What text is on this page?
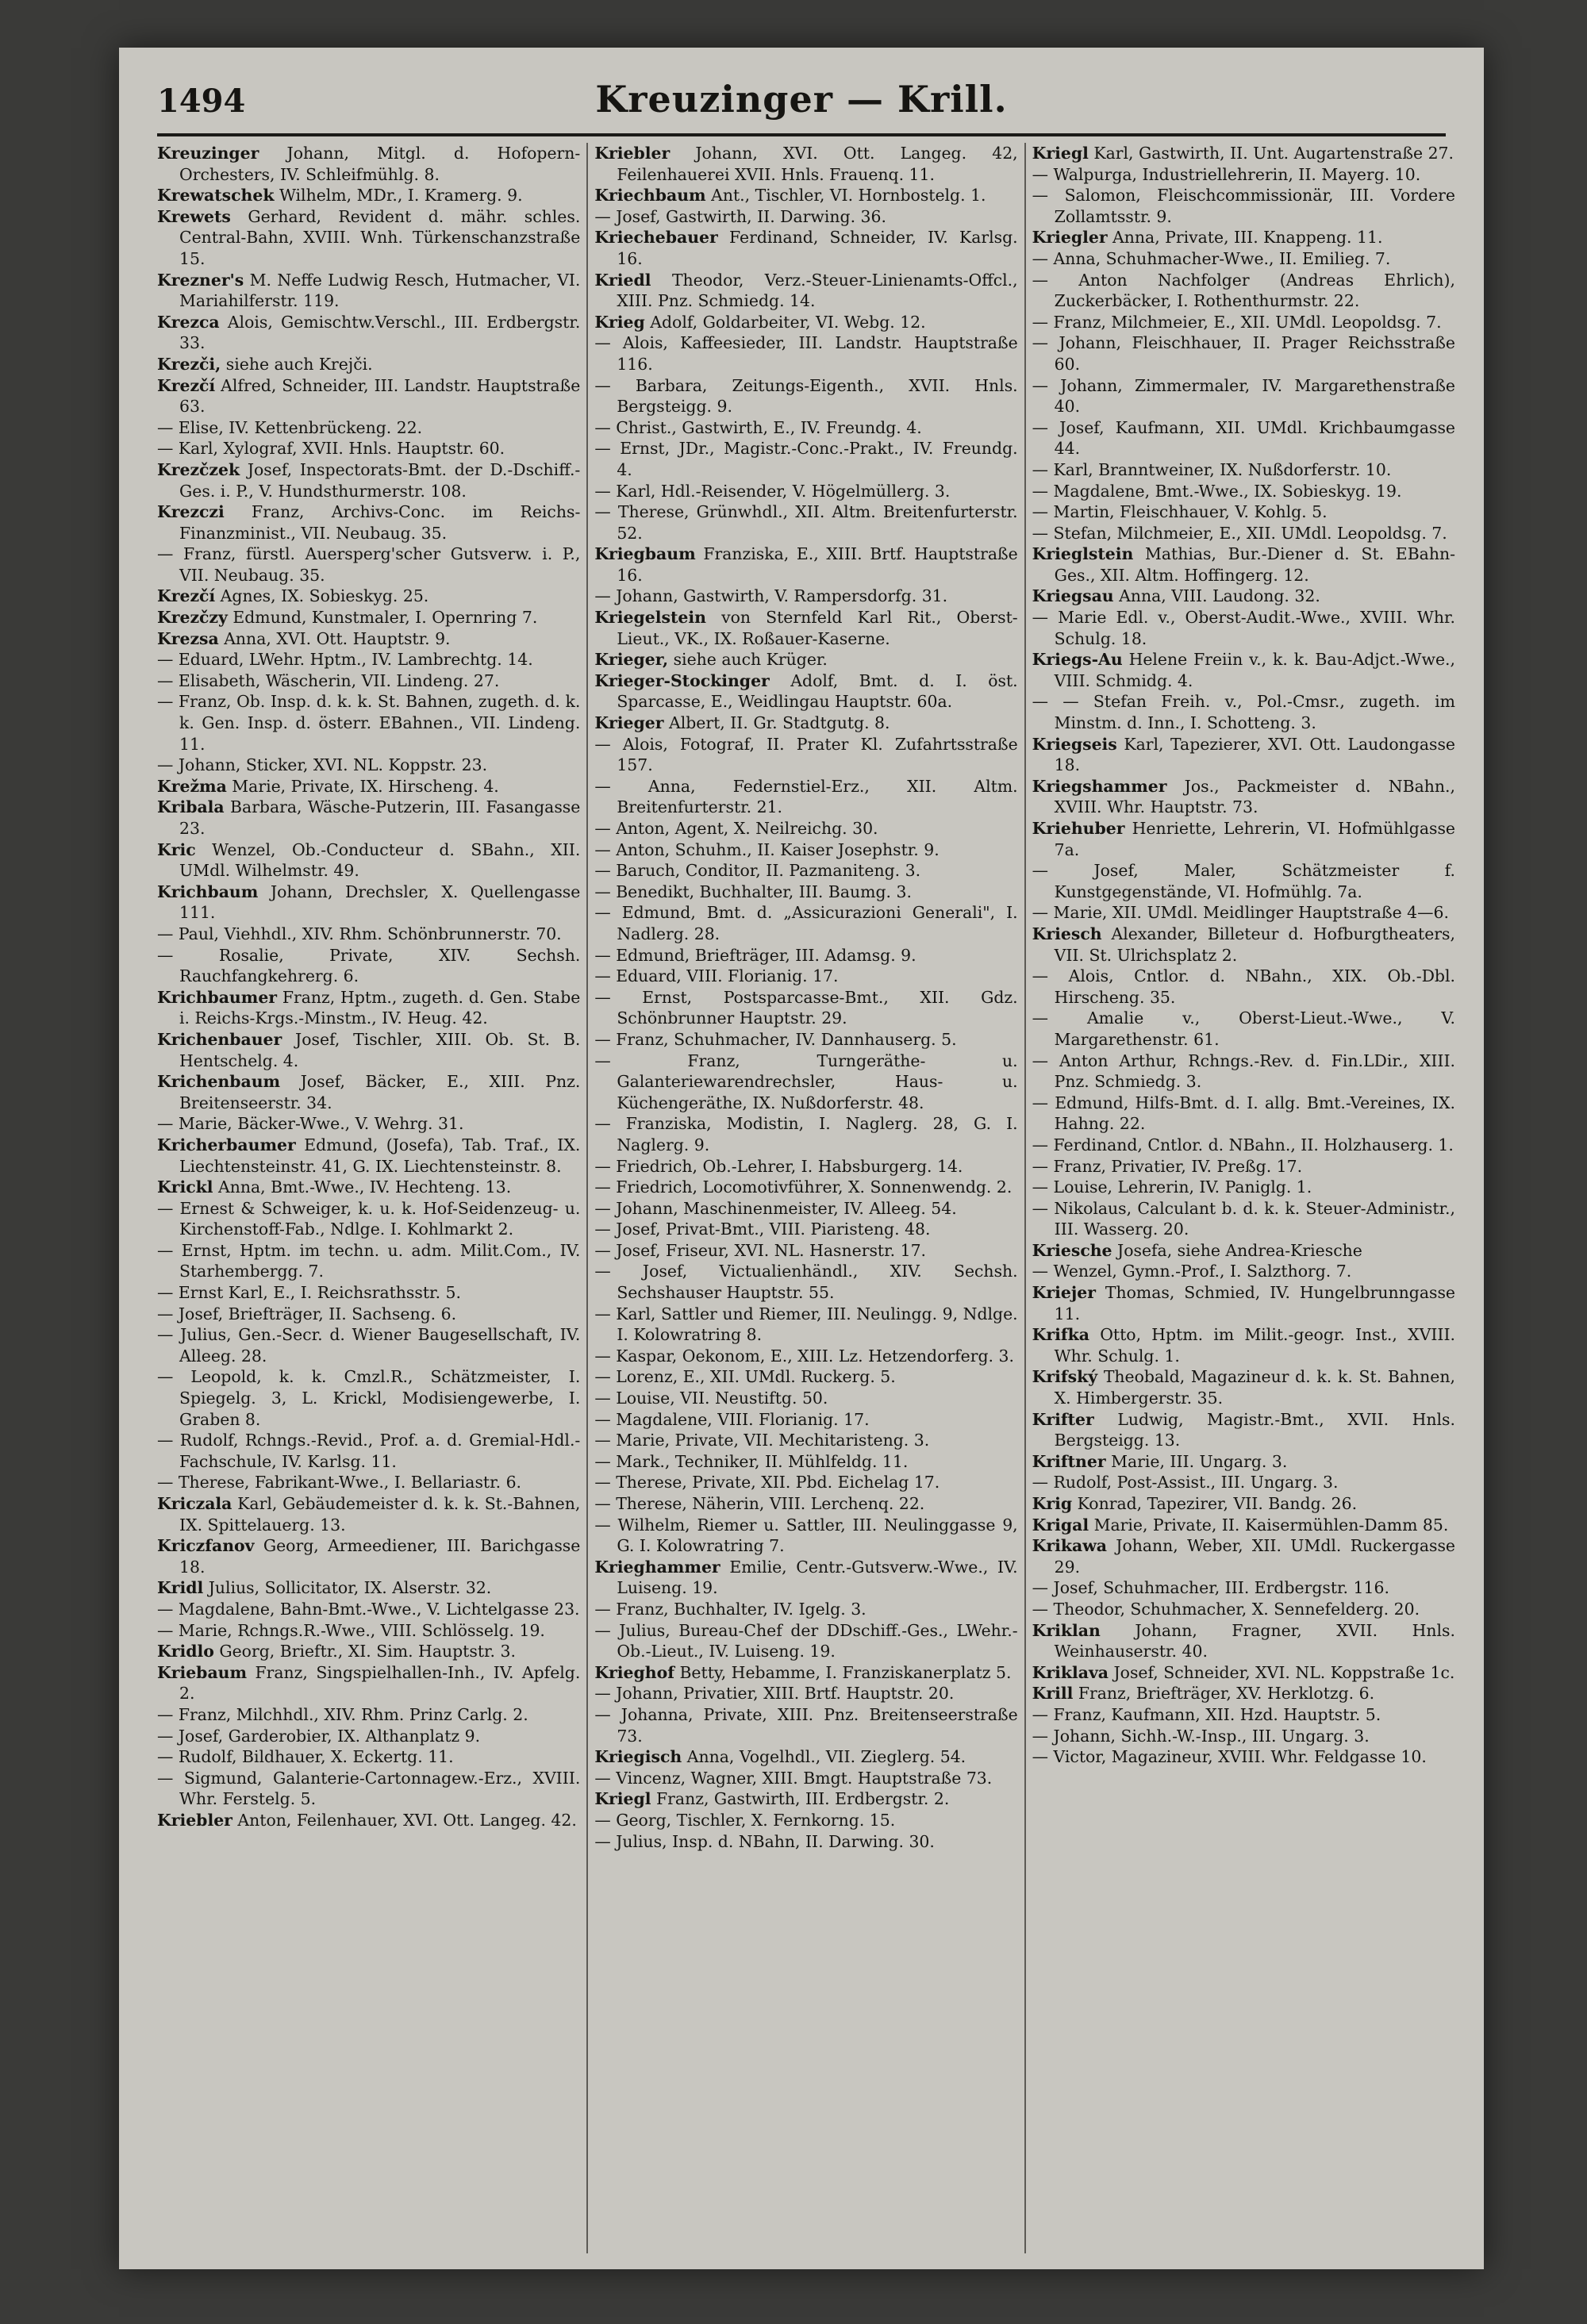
1494	Kreuzinger — Krill.
Kreuzinger Johann, Mitgl. d. Hofopern-Orchesters, IV. Schleifmühlg. 8.
Krewatschek Wilhelm, MDr., I. Kramerg. 9.
Krewets Gerhard, Revident d. mähr. schles. Central-Bahn, XVIII. Wnh. Türkenschanzstraße 15.
Krezner's M. Neffe Ludwig Resch, Hutmacher, VI. Mariahilferstr. 119.
Krezca Alois, Gemischtw.Verschl., III. Erdbergstr. 33.
Krezči, siehe auch Krejči.
Krezčí Alfred, Schneider, III. Landstr. Hauptstraße 63.
— Elise, IV. Kettenbrückeng. 22.
— Karl, Xylograf, XVII. Hnls. Hauptstr. 60.
Krezčzek Josef, Inspectorats-Bmt. der D.-Dschiff.-Ges. i. P., V. Hundsthurmerstr. 108.
Krezczi Franz, Archivs-Conc. im Reichs-Finanzminist., VII. Neubaug. 35.
— Franz, fürstl. Auersperg'scher Gutsverw. i. P., VII. Neubaug. 35.
Krezčí Agnes, IX. Sobieskyg. 25.
Krezčzy Edmund, Kunstmaler, I. Opernring 7.
Krezsa Anna, XVI. Ott. Hauptstr. 9.
— Eduard, LWehr. Hptm., IV. Lambrechtg. 14.
— Elisabeth, Wäscherin, VII. Lindeng. 27.
— Franz, Ob. Insp. d. k. k. St. Bahnen, zugeth. d. k. k. Gen. Insp. d. österr. EBahnen., VII. Lindeng. 11.
— Johann, Sticker, XVI. NL. Koppstr. 23.
Krežma Marie, Private, IX. Hirscheng. 4.
Kribala Barbara, Wäsche-Putzerin, III. Fasangasse 23.
Kric Wenzel, Ob.-Conducteur d. SBahn., XII. UMdl. Wilhelmstr. 49.
Krichbaum Johann, Drechsler, X. Quellengasse 111.
— Paul, Viehhdl., XIV. Rhm. Schönbrunnerstr. 70.
— Rosalie, Private, XIV. Sechsh. Rauchfangkehrerg. 6.
Krichbaumer Franz, Hptm., zugeth. d. Gen. Stabe i. Reichs-Krgs.-Minstm., IV. Heug. 42.
Krichenbauer Josef, Tischler, XIII. Ob. St. B. Hentschelg. 4.
Krichenbaum Josef, Bäcker, E., XIII. Pnz. Breitenseerstr. 34.
— Marie, Bäcker-Wwe., V. Wehrg. 31.
Kricherbaumer Edmund, (Josefa), Tab. Traf., IX. Liechtensteinstr. 41, G. IX. Liechtensteinstr. 8.
Krickl Anna, Bmt.-Wwe., IV. Hechteng. 13.
— Ernest & Schweiger, k. u. k. Hof-Seidenzeug- u. Kirchenstoff-Fab., Ndlge. I. Kohlmarkt 2.
— Ernst, Hptm. im techn. u. adm. Milit.Com., IV. Starhembergg. 7.
— Ernst Karl, E., I. Reichsrathsstr. 5.
— Josef, Briefträger, II. Sachseng. 6.
— Julius, Gen.-Secr. d. Wiener Baugesellschaft, IV. Alleeg. 28.
— Leopold, k. k. Cmzl.R., Schätzmeister, I. Spiegelg. 3, L. Krickl, Modisiengewerbe, I. Graben 8.
— Rudolf, Rchngs.-Revid., Prof. a. d. Gremial-Hdl.-Fachschule, IV. Karlsg. 11.
— Therese, Fabrikant-Wwe., I. Bellariastr. 6.
Kriczala Karl, Gebäudemeister d. k. k. St.-Bahnen, IX. Spittelauerg. 13.
Kriczfanov Georg, Armeediener, III. Barichgasse 18.
Kridl Julius, Sollicitator, IX. Alserstr. 32.
— Magdalene, Bahn-Bmt.-Wwe., V. Lichtelgasse 23.
— Marie, Rchngs.R.-Wwe., VIII. Schlösselg. 19.
Kridlo Georg, Brieftr., XI. Sim. Hauptstr. 3.
Kriebaum Franz, Singspielhallen-Inh., IV. Apfelg. 2.
— Franz, Milchhdl., XIV. Rhm. Prinz Carlg. 2.
— Josef, Garderobier, IX. Althanplatz 9.
— Rudolf, Bildhauer, X. Eckertg. 11.
— Sigmund, Galanterie-Cartonnagew.-Erz., XVIII. Whr. Ferstelg. 5.
Kriebler Anton, Feilenhauer, XVI. Ott. Langeg. 42.
Kriebler Johann, XVI. Ott. Langeg. 42, Feilenhauerei XVII. Hnls. Frauenq. 11.
Kriechbaum Ant., Tischler, VI. Hornbostelg. 1.
— Josef, Gastwirth, II. Darwing. 36.
Kriechebauer Ferdinand, Schneider, IV. Karlsg. 16.
Kriedl Theodor, Verz.-Steuer-Linienamts-Offcl., XIII. Pnz. Schmiedg. 14.
Krieg Adolf, Goldarbeiter, VI. Webg. 12.
— Alois, Kaffeesieder, III. Landstr. Hauptstraße 116.
— Barbara, Zeitungs-Eigenth., XVII. Hnls. Bergsteigg. 9.
— Christ., Gastwirth, E., IV. Freundg. 4.
— Ernst, JDr., Magistr.-Conc.-Prakt., IV. Freundg. 4.
— Karl, Hdl.-Reisender, V. Högelmüllerg. 3.
— Therese, Grünwhdl., XII. Altm. Breitenfurterstr. 52.
Kriegbaum Franziska, E., XIII. Brtf. Hauptstraße 16.
— Johann, Gastwirth, V. Rampersdorfg. 31.
Kriegelstein von Sternfeld Karl Rit., Oberst-Lieut., VK., IX. Roßauer-Kaserne.
Krieger, siehe auch Krüger.
Krieger-Stockinger Adolf, Bmt. d. I. öst. Sparcasse, E., Weidlingau Hauptstr. 60a.
Krieger Albert, II. Gr. Stadtgutg. 8.
— Alois, Fotograf, II. Prater Kl. Zufahrtsstraße 157.
— Anna, Federnstiel-Erz., XII. Altm. Breitenfurterstr. 21.
— Anton, Agent, X. Neilreichg. 30.
— Anton, Schuhm., II. Kaiser Josephstr. 9.
— Baruch, Conditor, II. Pazmaniteng. 3.
— Benedikt, Buchhalter, III. Baumg. 3.
— Edmund, Bmt. d. „Assicurazioni Generali", I. Nadlerg. 28.
— Edmund, Briefträger, III. Adamsg. 9.
— Eduard, VIII. Florianig. 17.
— Ernst, Postsparcasse-Bmt., XII. Gdz. Schönbrunner Hauptstr. 29.
— Franz, Schuhmacher, IV. Dannhauserg. 5.
— Franz, Turngeräthe- u. Galanteriewarendrechsler, Haus- u. Küchengeräthe, IX. Nußdorferstr. 48.
— Franziska, Modistin, I. Naglerg. 28, G. I. Naglerg. 9.
— Friedrich, Ob.-Lehrer, I. Habsburgerg. 14.
— Friedrich, Locomotivführer, X. Sonnenwendg. 2.
— Johann, Maschinenmeister, IV. Alleeg. 54.
— Josef, Privat-Bmt., VIII. Piaristeng. 48.
— Josef, Friseur, XVI. NL. Hasnerstr. 17.
— Josef, Victualienhändl., XIV. Sechsh. Sechshauser Hauptstr. 55.
— Karl, Sattler und Riemer, III. Neulingg. 9, Ndlge. I. Kolowratring 8.
— Kaspar, Oekonom, E., XIII. Lz. Hetzendorferg. 3.
— Lorenz, E., XII. UMdl. Ruckerg. 5.
— Louise, VII. Neustiftg. 50.
— Magdalene, VIII. Florianig. 17.
— Marie, Private, VII. Mechitaristeng. 3.
— Mark., Techniker, II. Mühlfeldg. 11.
— Therese, Private, XII. Pbd. Eichelag 17.
— Therese, Näherin, VIII. Lerchenq. 22.
— Wilhelm, Riemer u. Sattler, III. Neulinggasse 9, G. I. Kolowratring 7.
Krieghammer Emilie, Centr.-Gutsverw.-Wwe., IV. Luiseng. 19.
— Franz, Buchhalter, IV. Igelg. 3.
— Julius, Bureau-Chef der DDschiff.-Ges., LWehr.-Ob.-Lieut., IV. Luiseng. 19.
Krieghof Betty, Hebamme, I. Franziskanerplatz 5.
— Johann, Privatier, XIII. Brtf. Hauptstr. 20.
— Johanna, Private, XIII. Pnz. Breitenseerstraße 73.
Kriegisch Anna, Vogelhdl., VII. Zieglerg. 54.
— Vincenz, Wagner, XIII. Bmgt. Hauptstraße 73.
Kriegl Franz, Gastwirth, III. Erdbergstr. 2.
— Georg, Tischler, X. Fernkorng. 15.
— Julius, Insp. d. NBahn, II. Darwing. 30.
Kriegl Karl, Gastwirth, II. Unt. Augartenstraße 27.
— Walpurga, Industriellehrerin, II. Mayerg. 10.
— Salomon, Fleischcommissionär, III. Vordere Zollamtsstr. 9.
Kriegler Anna, Private, III. Knappeng. 11.
— Anna, Schuhmacher-Wwe., II. Emilieg. 7.
— Anton Nachfolger (Andreas Ehrlich), Zuckerbäcker, I. Rothenthurmstr. 22.
— Franz, Milchmeier, E., XII. UMdl. Leopoldsg. 7.
— Johann, Fleischhauer, II. Prager Reichsstraße 60.
— Johann, Zimmermaler, IV. Margarethenstraße 40.
— Josef, Kaufmann, XII. UMdl. Krichbaumgasse 44.
— Karl, Branntweiner, IX. Nußdorferstr. 10.
— Magdalene, Bmt.-Wwe., IX. Sobieskyg. 19.
— Martin, Fleischhauer, V. Kohlg. 5.
— Stefan, Milchmeier, E., XII. UMdl. Leopoldsg. 7.
Krieglstein Mathias, Bur.-Diener d. St. EBahn-Ges., XII. Altm. Hoffingerg. 12.
Kriegsau Anna, VIII. Laudong. 32.
— Marie Edl. v., Oberst-Audit.-Wwe., XVIII. Whr. Schulg. 18.
Kriegs-Au Helene Freiin v., k. k. Bau-Adjct.-Wwe., VIII. Schmidg. 4.
— — Stefan Freih. v., Pol.-Cmsr., zugeth. im Minstm. d. Inn., I. Schotteng. 3.
Kriegseis Karl, Tapezierer, XVI. Ott. Laudongasse 18.
Kriegshammer Jos., Packmeister d. NBahn., XVIII. Whr. Hauptstr. 73.
Kriehuber Henriette, Lehrerin, VI. Hofmühlgasse 7a.
— Josef, Maler, Schätzmeister f. Kunstgegenstände, VI. Hofmühlg. 7a.
— Marie, XII. UMdl. Meidlinger Hauptstraße 4—6.
Kriesch Alexander, Billeteur d. Hofburgtheaters, VII. St. Ulrichsplatz 2.
— Alois, Cntlor. d. NBahn., XIX. Ob.-Dbl. Hirscheng. 35.
— Amalie v., Oberst-Lieut.-Wwe., V. Margarethenstr. 61.
— Anton Arthur, Rchngs.-Rev. d. Fin.LDir., XIII. Pnz. Schmiedg. 3.
— Edmund, Hilfs-Bmt. d. I. allg. Bmt.-Vereines, IX. Hahng. 22.
— Ferdinand, Cntlor. d. NBahn., II. Holzhauserg. 1.
— Franz, Privatier, IV. Preßg. 17.
— Louise, Lehrerin, IV. Paniglg. 1.
— Nikolaus, Calculant b. d. k. k. Steuer-Administr., III. Wasserg. 20.
Kriesche Josefa, siehe Andrea-Kriesche
— Wenzel, Gymn.-Prof., I. Salzthorg. 7.
Kriejer Thomas, Schmied, IV. Hungelbrunngasse 11.
Krifka Otto, Hptm. im Milit.-geogr. Inst., XVIII. Whr. Schulg. 1.
Krifský Theobald, Magazineur d. k. k. St. Bahnen, X. Himbergerstr. 35.
Krifter Ludwig, Magistr.-Bmt., XVII. Hnls. Bergsteigg. 13.
Kriftner Marie, III. Ungarg. 3.
— Rudolf, Post-Assist., III. Ungarg. 3.
Krig Konrad, Tapezirer, VII. Bandg. 26.
Krigal Marie, Private, II. Kaisermühlen-Damm 85.
Krikawa Johann, Weber, XII. UMdl. Ruckergasse 29.
— Josef, Schuhmacher, III. Erdbergstr. 116.
— Theodor, Schuhmacher, X. Sennefelderg. 20.
Kriklan Johann, Fragner, XVII. Hnls. Weinhauserstr. 40.
Kriklava Josef, Schneider, XVI. NL. Koppstraße 1c.
Krill Franz, Briefträger, XV. Herklotzg. 6.
— Franz, Kaufmann, XII. Hzd. Hauptstr. 5.
— Johann, Sichh.-W.-Insp., III. Ungarg. 3.
— Victor, Magazineur, XVIII. Whr. Feldgasse 10.
